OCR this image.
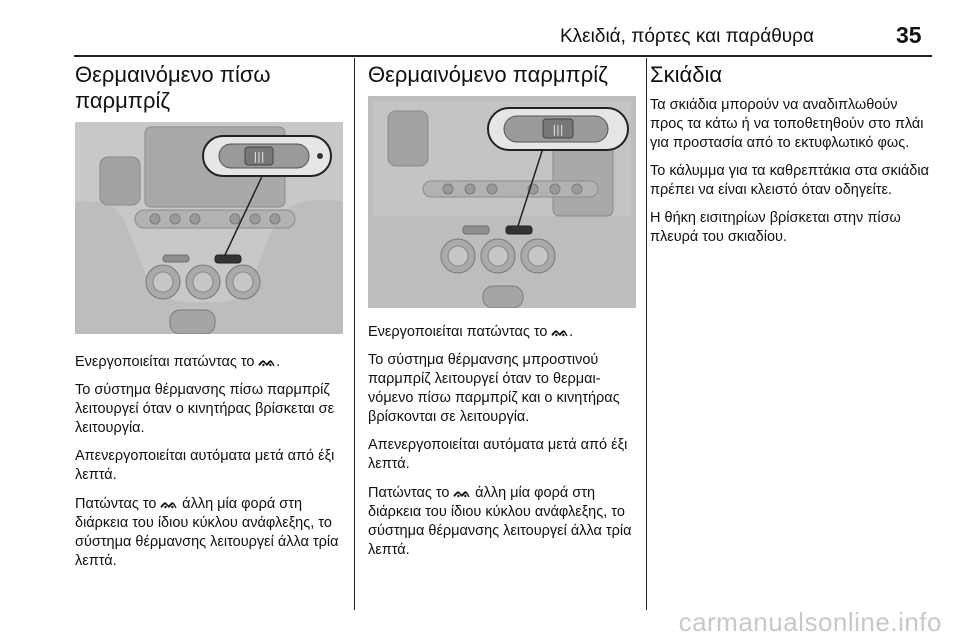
Κλειδιά, πόρτες και παράθυρα	35
Θερμαινόμενο πίσω παρμπρίζ
|||

Ενεργοποιείται πατώντας το ᨐ.

Το σύστημα θέρμανσης πίσω παρμπρίζ λειτουργεί όταν ο κινητήρας βρίσκεται σε λειτουργία.

Απενεργοποιείται αυτόματα μετά από έξι λεπτά.

Πατώντας το ᨐ άλλη μία φορά στη διάρκεια του ίδιου κύκλου ανάφλεξης, το σύστημα θέρμανσης λειτουργεί άλλα τρία λεπτά.

Θερμαινόμενο παρμπρίζ
|||

Ενεργοποιείται πατώντας το ᨐ.

Το σύστημα θέρμανσης μπροστινού παρμπρίζ λειτουργεί όταν το θερμαινόμενο πίσω παρμπρίζ και ο κινητήρας βρίσκονται σε λειτουργία.

Απενεργοποιείται αυτόματα μετά από έξι λεπτά.

Πατώντας το ᨐ άλλη μία φορά στη διάρκεια του ίδιου κύκλου ανάφλεξης, το σύστημα θέρμανσης λειτουργεί άλλα τρία λεπτά.

Σκιάδια

Τα σκιάδια μπορούν να αναδιπλωθούν προς τα κάτω ή να τοποθετηθούν στο πλάι για προστασία από το εκτυφλωτικό φως.

Το κάλυμμα για τα καθρεπτάκια στα σκιάδια πρέπει να είναι κλειστό όταν οδηγείτε.

Η θήκη εισιτηρίων βρίσκεται στην πίσω πλευρά του σκιαδίου.

carmanualsonline.info
